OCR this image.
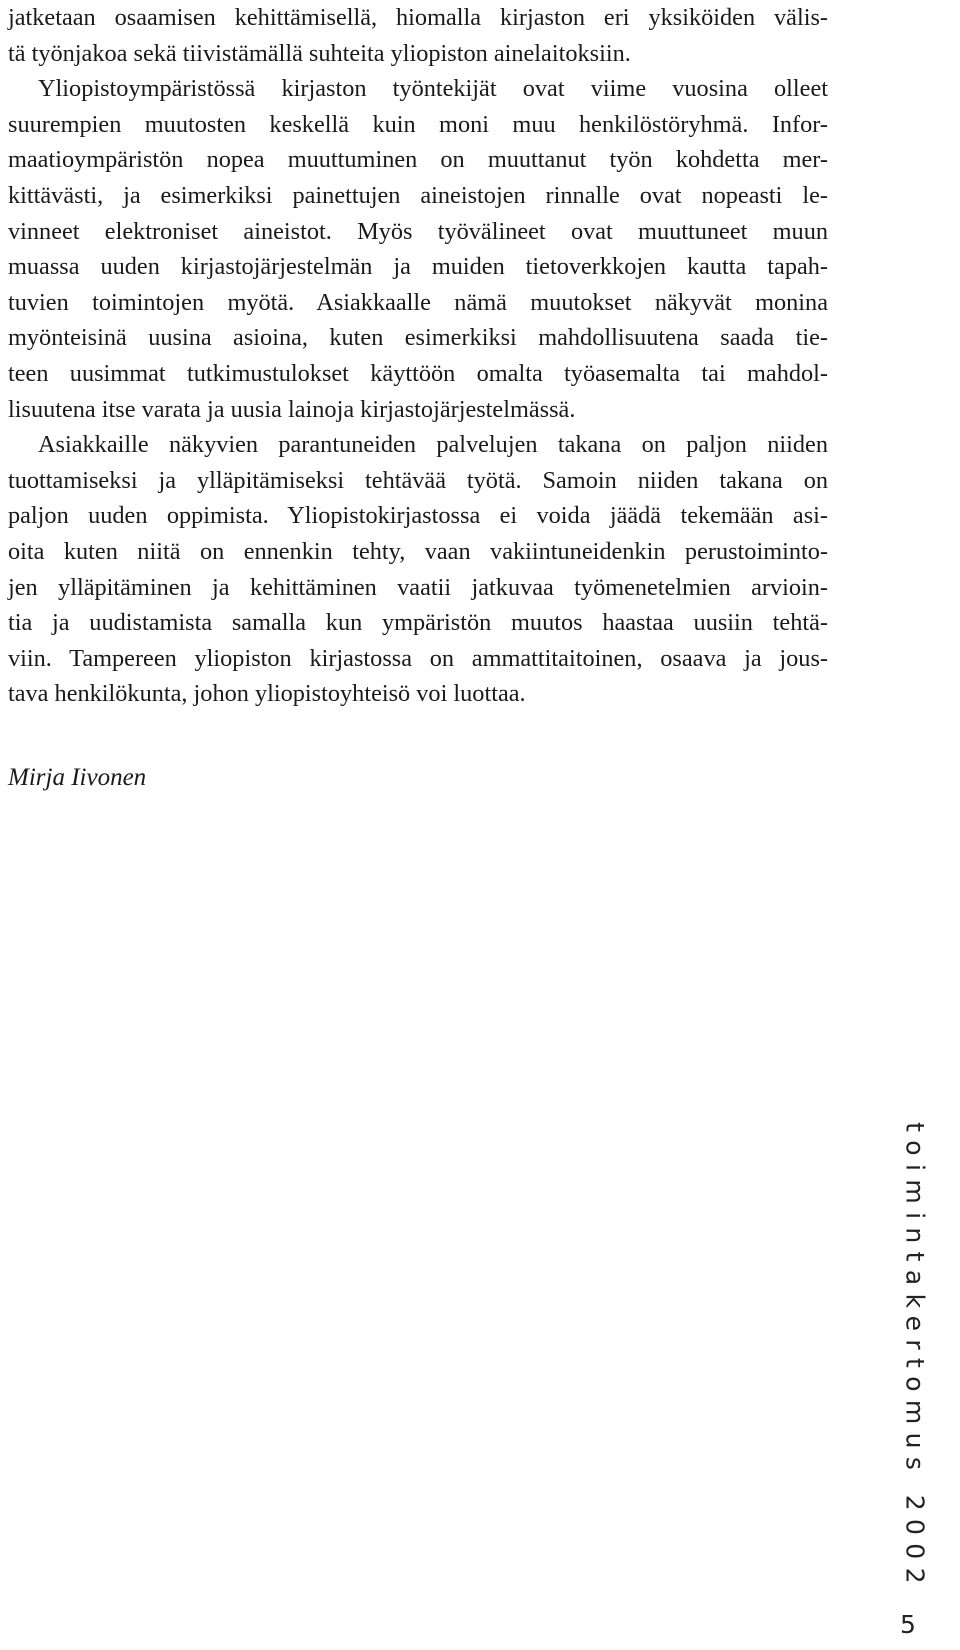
jatketaan osaamisen kehittämisellä, hiomalla kirjaston eri yksiköiden välis-
tä työnjakoa sekä tiivistämällä suhteita yliopiston ainelaitoksiin.
Yliopistoympäristössä kirjaston työntekijät ovat viime vuosina olleet
suurempien muutosten keskellä kuin moni muu henkilöstöryhmä. Infor-
maatioympäristön nopea muuttuminen on muuttanut työn kohdetta mer-
kittävästi, ja esimerkiksi painettujen aineistojen rinnalle ovat nopeasti le-
vinneet elektroniset aineistot. Myös työvälineet ovat muuttuneet muun
muassa uuden kirjastojärjestelmän ja muiden tietoverkkojen kautta tapah-
tuvien toimintojen myötä. Asiakkaalle nämä muutokset näkyvät monina
myönteisinä uusina asioina, kuten esimerkiksi mahdollisuutena saada tie-
teen uusimmat tutkimustulokset käyttöön omalta työasemalta tai mahdol-
lisuutena itse varata ja uusia lainoja kirjastojärjestelmässä.
Asiakkaille näkyvien parantuneiden palvelujen takana on paljon niiden
tuottamiseksi ja ylläpitämiseksi tehtävää työtä. Samoin niiden takana on
paljon uuden oppimista. Yliopistokirjastossa ei voida jäädä tekemään asi-
oita kuten niitä on ennenkin tehty, vaan vakiintuneidenkin perustoiminto-
jen ylläpitäminen ja kehittäminen vaatii jatkuvaa työmenetelmien arvioin-
tia ja uudistamista samalla kun ympäristön muutos haastaa uusiin tehtä-
viin. Tampereen yliopiston kirjastossa on ammattitaitoinen, osaava ja jous-
tava henkilökunta, johon yliopistoyhteisö voi luottaa.
Mirja Iivonen
toimintakertomus 2002
5
